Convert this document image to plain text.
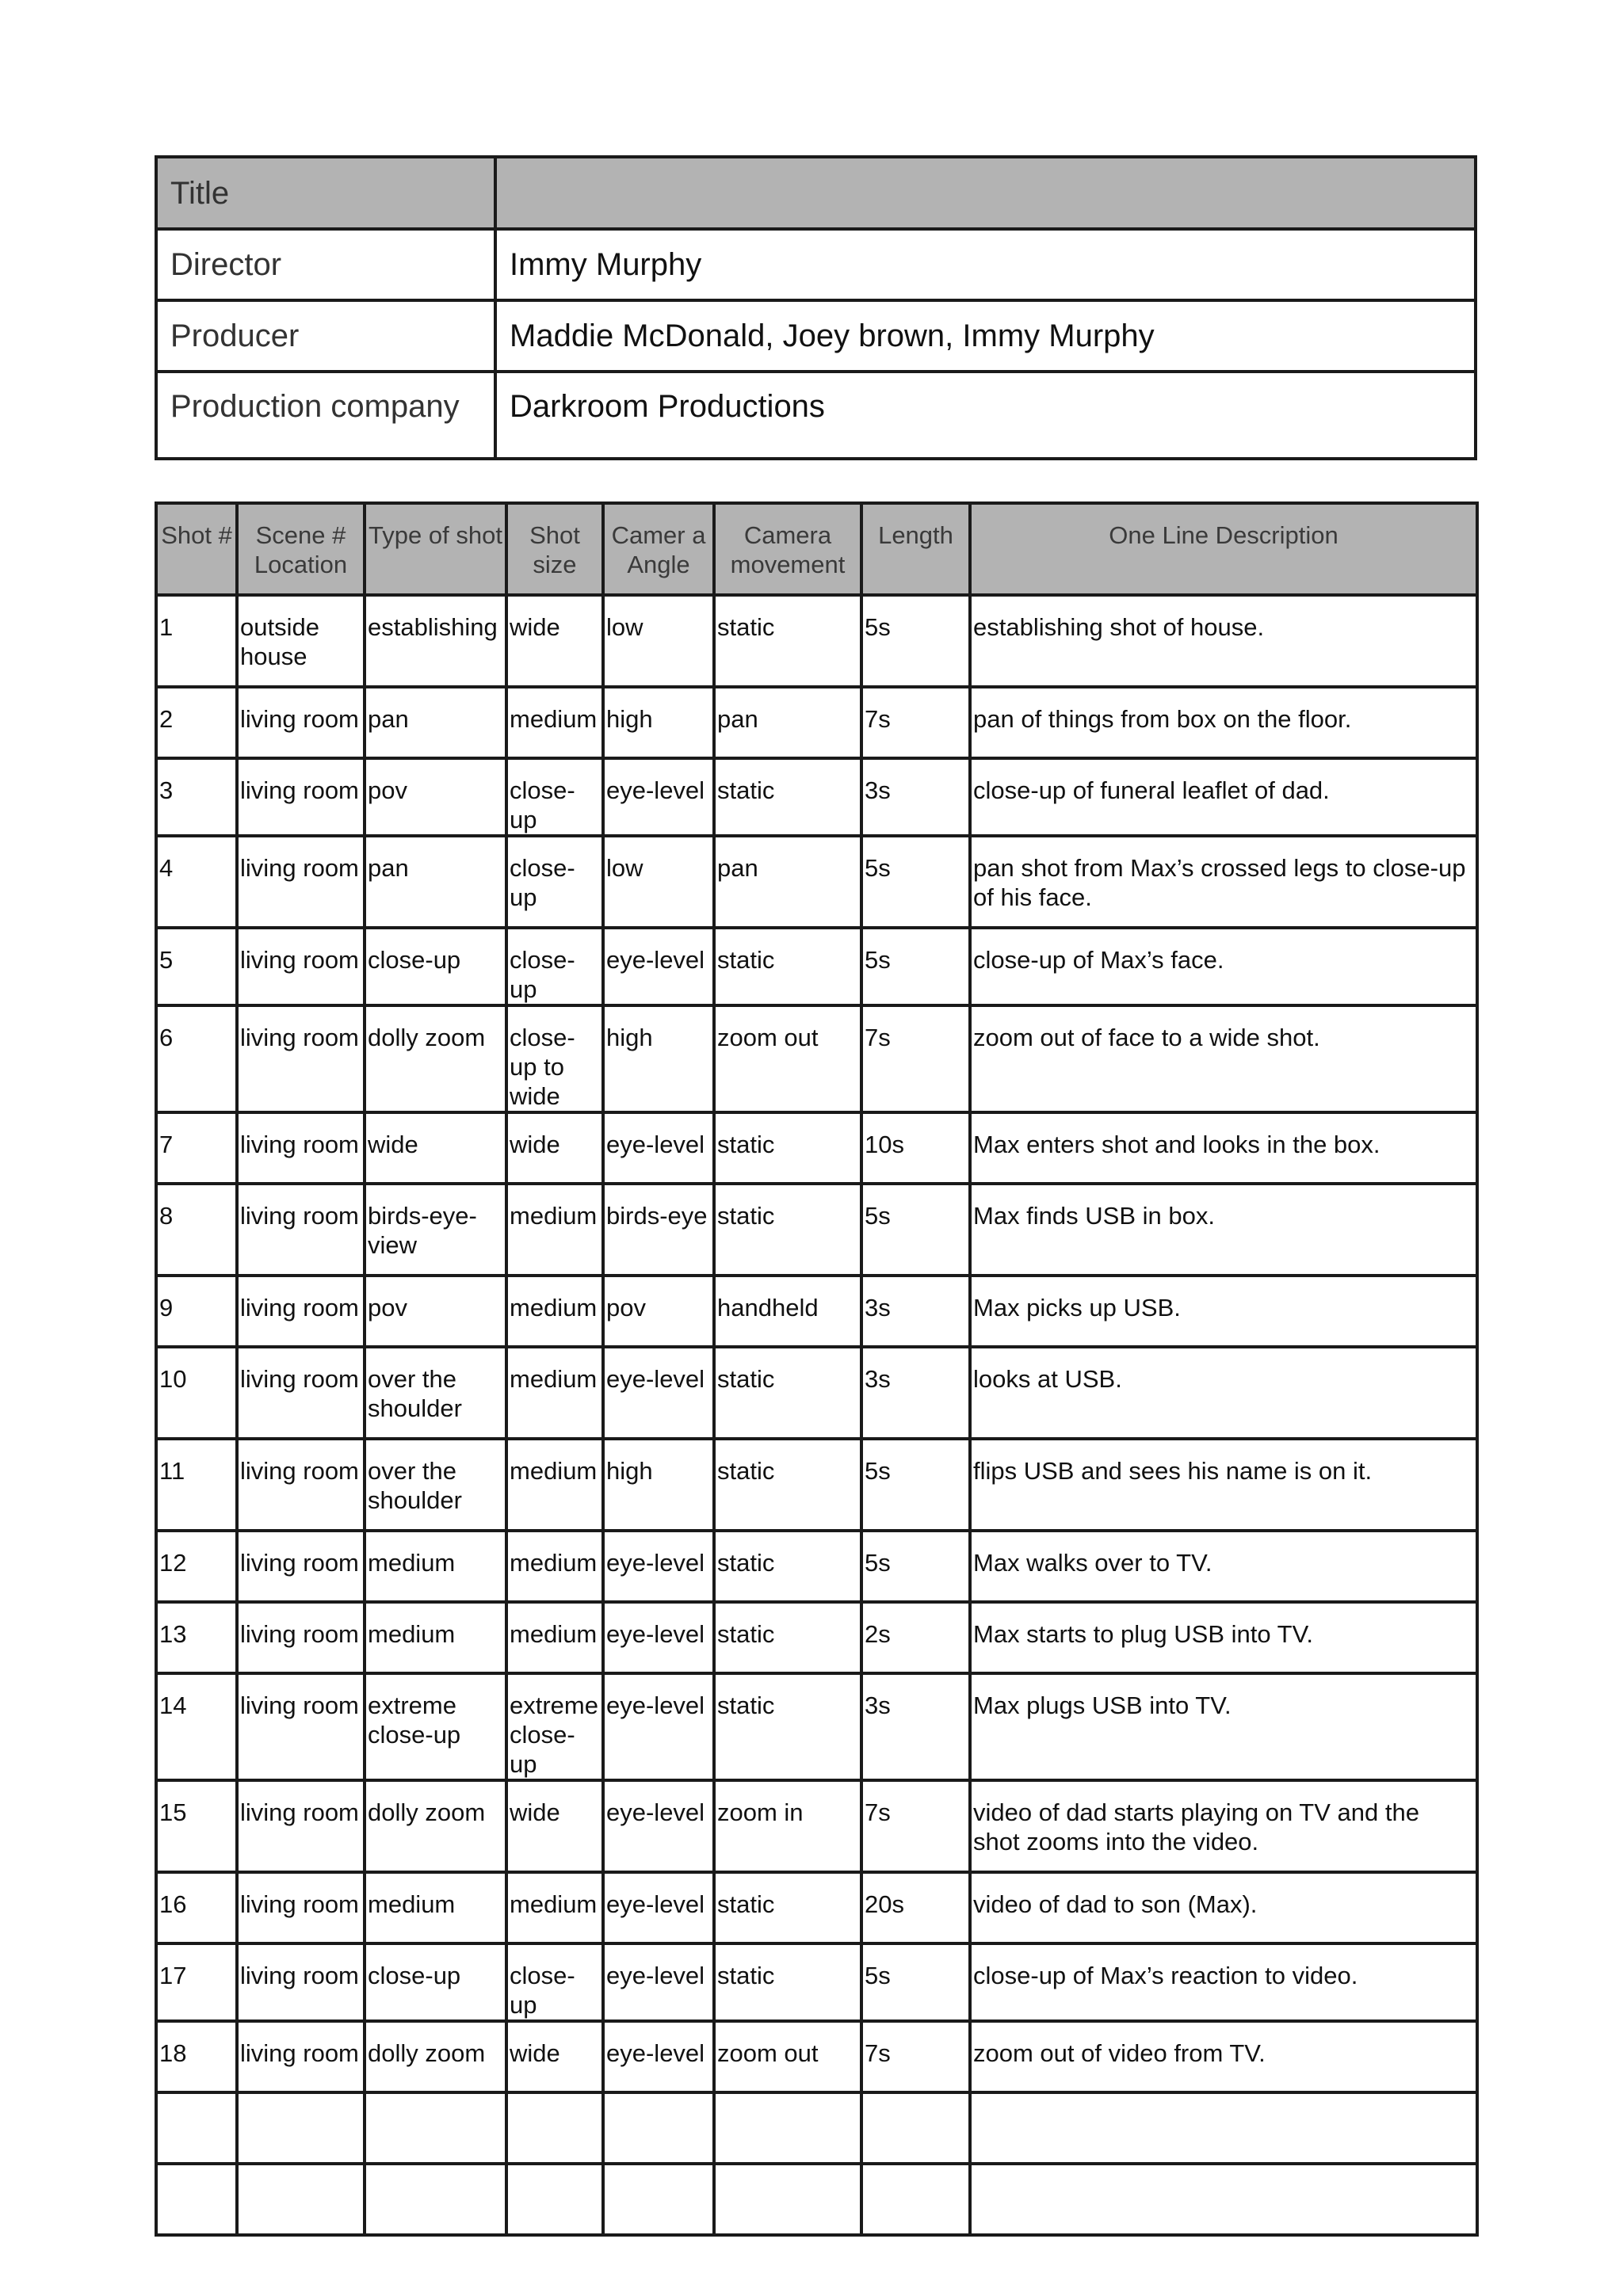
Title	
Director	Immy Murphy
Producer	Maddie McDonald, Joey brown, Immy Murphy
Production company	Darkroom Productions
Shot #	Scene # Location	Type of shot	Shot size	Camer a Angle	Camera movement	Length	One Line Description
1	outside house	establishing	wide	low	static	5s	establishing shot of house.
2	living room	pan	medium	high	pan	7s	pan of things from box on the floor.
3	living room	pov	close-up	eye-level	static	3s	close-up of funeral leaflet of dad.
4	living room	pan	close-up	low	pan	5s	pan shot from Max’s crossed legs to close-up of his face.
5	living room	close-up	close-up	eye-level	static	5s	close-up of Max’s face.
6	living room	dolly zoom	close-up to wide	high	zoom out	7s	zoom out of face to a wide shot.
7	living room	wide	wide	eye-level	static	10s	Max enters shot and looks in the box.
8	living room	birds-eye-view	medium	birds-eye	static	5s	Max finds USB in box.
9	living room	pov	medium	pov	handheld	3s	Max picks up USB.
10	living room	over the shoulder	medium	eye-level	static	3s	looks at USB.
11	living room	over the shoulder	medium	high	static	5s	flips USB and sees his name is on it.
12	living room	medium	medium	eye-level	static	5s	Max walks over to TV.
13	living room	medium	medium	eye-level	static	2s	Max starts to plug USB into TV.
14	living room	extreme close-up	extreme close-up	eye-level	static	3s	Max plugs USB into TV.
15	living room	dolly zoom	wide	eye-level	zoom in	7s	video of dad starts playing on TV and the shot zooms into the video.
16	living room	medium	medium	eye-level	static	20s	video of dad to son (Max).
17	living room	close-up	close-up	eye-level	static	5s	close-up of Max’s reaction to video.
18	living room	dolly zoom	wide	eye-level	zoom out	7s	zoom out of video from TV.
